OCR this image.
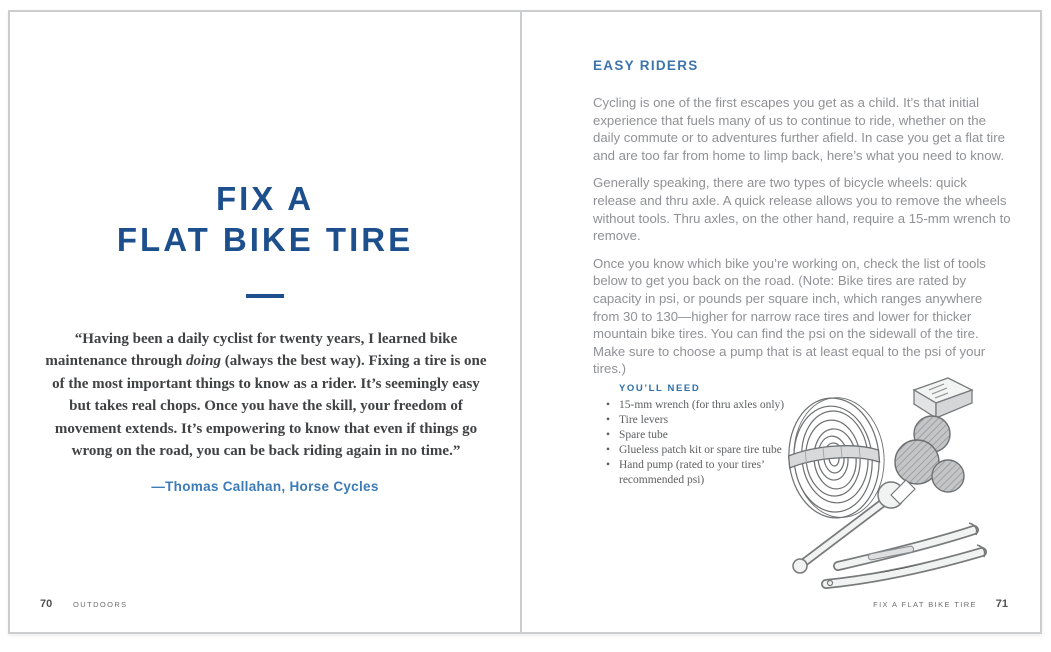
FIX A
FLAT BIKE TIRE

“Having been a daily cyclist for twenty years, I learned bike maintenance through doing (always the best way). Fixing a tire is one of the most important things to know as a rider. It’s seemingly easy but takes real chops. Once you have the skill, your freedom of movement extends. It’s empowering to know that even if things go wrong on the road, you can be back riding again in no time.”

—Thomas Callahan, Horse Cycles
70	OUTDOORS
EASY RIDERS

Cycling is one of the first escapes you get as a child. It’s that initial experience that fuels many of us to continue to ride, whether on the daily commute or to adventures further afield. In case you get a flat tire and are too far from home to limp back, here’s what you need to know.

Generally speaking, there are two types of bicycle wheels: quick release and thru axle. A quick release allows you to remove the wheels without tools. Thru axles, on the other hand, require a 15-mm wrench to remove.

Once you know which bike you’re working on, check the list of tools below to get you back on the road. (Note: Bike tires are rated by capacity in psi, or pounds per square inch, which ranges anywhere from 30 to 130—higher for narrow race tires and lower for thicker mountain bike tires. You can find the psi on the sidewall of the tire. Make sure to choose a pump that is at least equal to the psi of your tires.)

YOU’LL NEED
• 15-mm wrench (for thru axles only)
• Tire levers
• Spare tube
• Glueless patch kit or spare tire tube
• Hand pump (rated to your tires’ recommended psi)
FIX A FLAT BIKE TIRE 71
